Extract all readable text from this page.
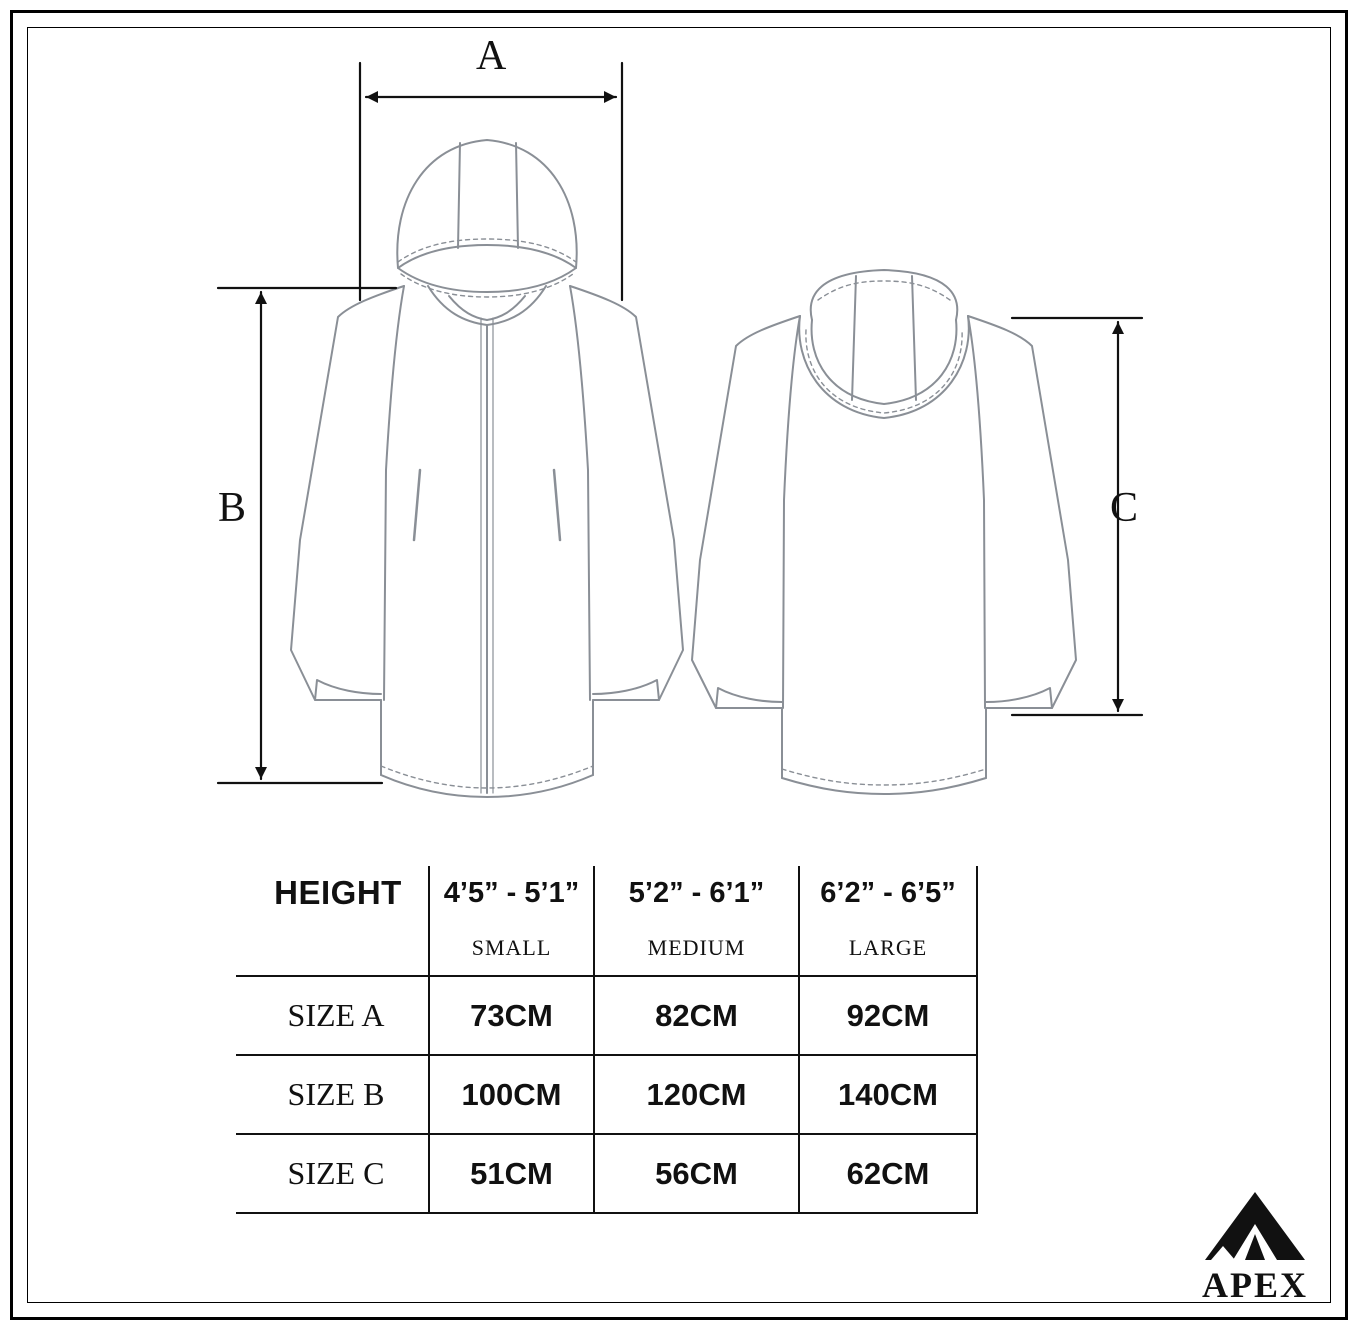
A
B	C
HEIGHT	4’5” - 5’1”	5’2” - 6’1”	6’2” - 6’5”
	SMALL	MEDIUM	LARGE
SIZE A	73CM	82CM	92CM
SIZE B	100CM	120CM	140CM
SIZE C	51CM	56CM	62CM
APEX
